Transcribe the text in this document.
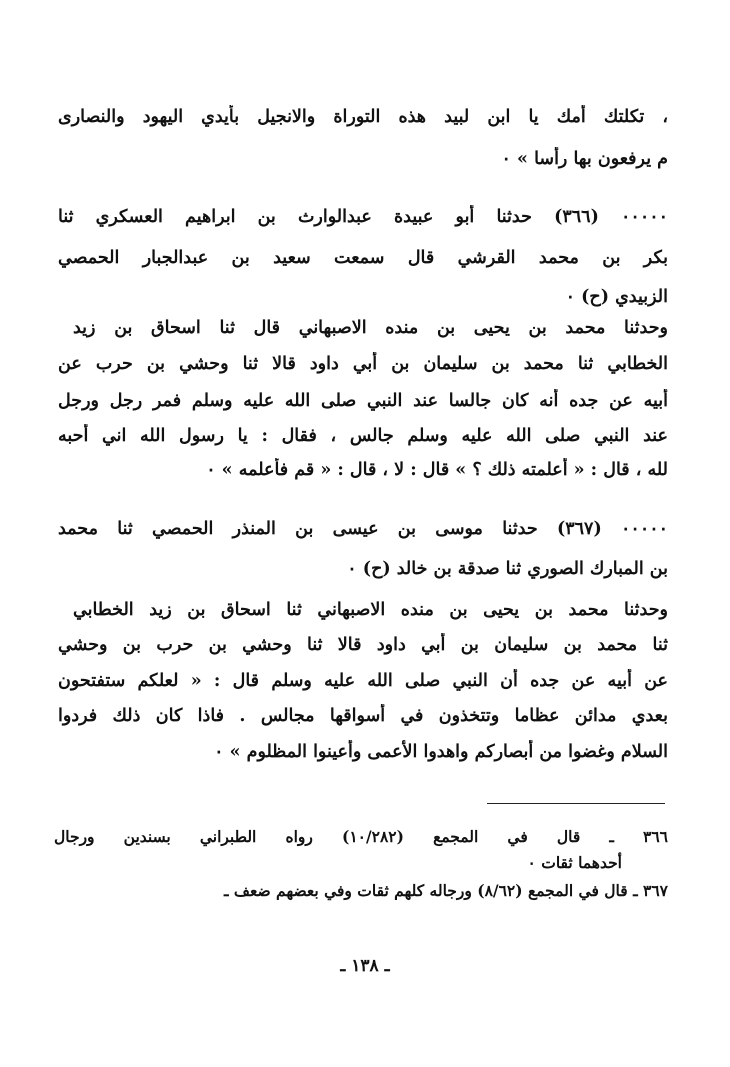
، تكلتك أمك يا ابن لبيد هذه التوراة والانجيل بأيدي اليهود والنصارى
م يرفعون بها رأسا » ٠
٠٠٠٠٠ (٣٦٦) حدثنا أبو عبيدة عبدالوارث بن ابراهيم العسكري ثنا
بكر بن محمد القرشي قال سمعت سعيد بن عبدالجبار الحمصي
الزبيدي (ح) ٠
وحدثنا محمد بن يحيى بن منده الاصبهاني قال ثنا اسحاق بن زيد
الخطابي ثنا محمد بن سليمان بن أبي داود قالا ثنا وحشي بن حرب عن
أبيه عن جده أنه كان جالسا عند النبي صلى الله عليه وسلم فمر رجل ورجل
عند النبي صلى الله عليه وسلم جالس ، فقال : يا رسول الله اني أحبه
لله ، قال : « أعلمته ذلك ؟ » قال : لا ، قال : « قم فأعلمه » ٠
٠٠٠٠٠ (٣٦٧) حدثنا موسى بن عيسى بن المنذر الحمصي ثنا محمد
بن المبارك الصوري ثنا صدقة بن خالد (ح) ٠
وحدثنا محمد بن يحيى بن منده الاصبهاني ثنا اسحاق بن زيد الخطابي
ثنا محمد بن سليمان بن أبي داود قالا ثنا وحشي بن حرب بن وحشي
عن أبيه عن جده أن النبي صلى الله عليه وسلم قال : « لعلكم ستفتحون
بعدي مدائن عظاما وتتخذون في أسواقها مجالس . فاذا كان ذلك فردوا
السلام وغضوا من أبصاركم واهدوا الأعمى وأعينوا المظلوم » ٠
٣٦٦ ـ قال في المجمع (١٠/٢٨٢) رواه الطبراني بسندين ورجال
أحدهما ثقات ٠
٣٦٧ ـ قال في المجمع (٨/٦٢) ورجاله كلهم ثقات وفي بعضهم ضعف ـ
ـ ١٣٨ ـ
